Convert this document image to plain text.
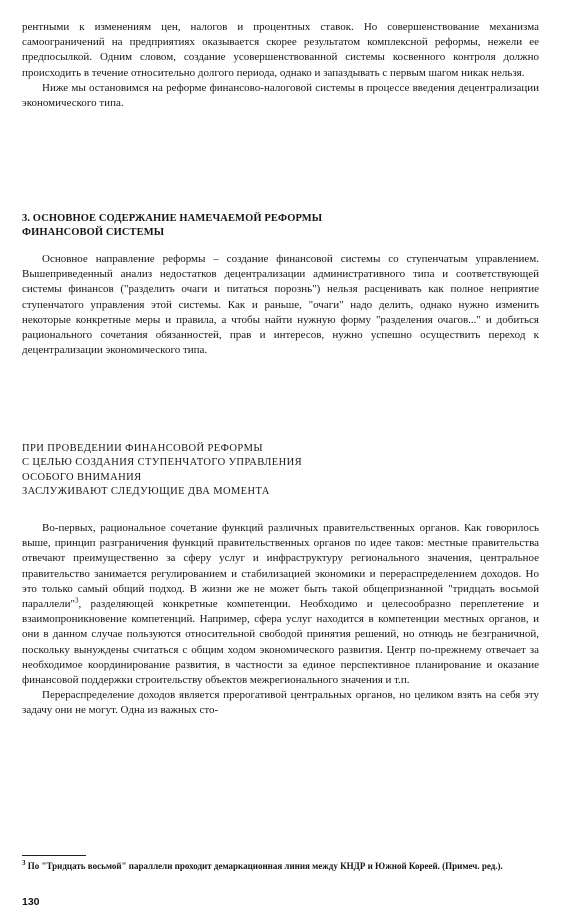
рентными к изменениям цен, налогов и процентных ставок. Но совершенствование механизма самоограничений на предприятиях оказывается скорее результатом комплексной реформы, нежели ее предпосылкой. Одним словом, создание усовершенствованной системы косвенного контроля должно происходить в течение относительно долгого периода, однако и запаздывать с первым шагом никак нельзя.

Ниже мы остановимся на реформе финансово-налоговой системы в процессе введения децентрализации экономического типа.

3. ОСНОВНОЕ СОДЕРЖАНИЕ НАМЕЧАЕМОЙ РЕФОРМЫ
ФИНАНСОВОЙ СИСТЕМЫ

Основное направление реформы – создание финансовой системы со ступенчатым управлением. Вышеприведенный анализ недостатков децентрализации административного типа и соответствующей системы финансов ("разделить очаги и питаться порознь") нельзя расценивать как полное неприятие ступенчатого управления этой системы. Как и раньше, "очаги" надо делить, однако нужно изменить некоторые конкретные меры и правила, а чтобы найти нужную форму "разделения очагов..." и добиться рационального сочетания обязанностей, прав и интересов, нужно успешно осуществить переход к децентрализации экономического типа.

ПРИ ПРОВЕДЕНИИ ФИНАНСОВОЙ РЕФОРМЫ
С ЦЕЛЬЮ СОЗДАНИЯ СТУПЕНЧАТОГО УПРАВЛЕНИЯ
ОСОБОГО ВНИМАНИЯ
ЗАСЛУЖИВАЮТ СЛЕДУЮЩИЕ ДВА МОМЕНТА

Во-первых, рациональное сочетание функций различных правительственных органов. Как говорилось выше, принцип разграничения функций правительственных органов по идее таков: местные правительства отвечают преимущественно за сферу услуг и инфраструктуру регионального значения, центральное правительство занимается регулированием и стабилизацией экономики и перераспределением доходов. Но это только самый общий подход. В жизни же не может быть такой общепризнанной "тридцать восьмой параллели"$^3$, разделяющей конкретные компетенции. Необходимо и целесообразно переплетение и взаимопроникновение компетенций. Например, сфера услуг находится в компетенции местных органов, и они в данном случае пользуются относительной свободой принятия решений, но отнюдь не безграничной, поскольку вынуждены считаться с общим ходом экономического развития. Центр по-прежнему отвечает за необходимое координирование развития, в частности за единое перспективное планирование и оказание финансовой поддержки строительству объектов межрегионального значения и т.п.

Перераспределение доходов является прерогативой центральных органов, но целиком взять на себя эту задачу они не могут. Одна из важных сто-

$^3$ По "Тридцать восьмой" параллели проходит демаркационная линия между КНДР и Южной Кореей. (Примеч. ред.).
130
